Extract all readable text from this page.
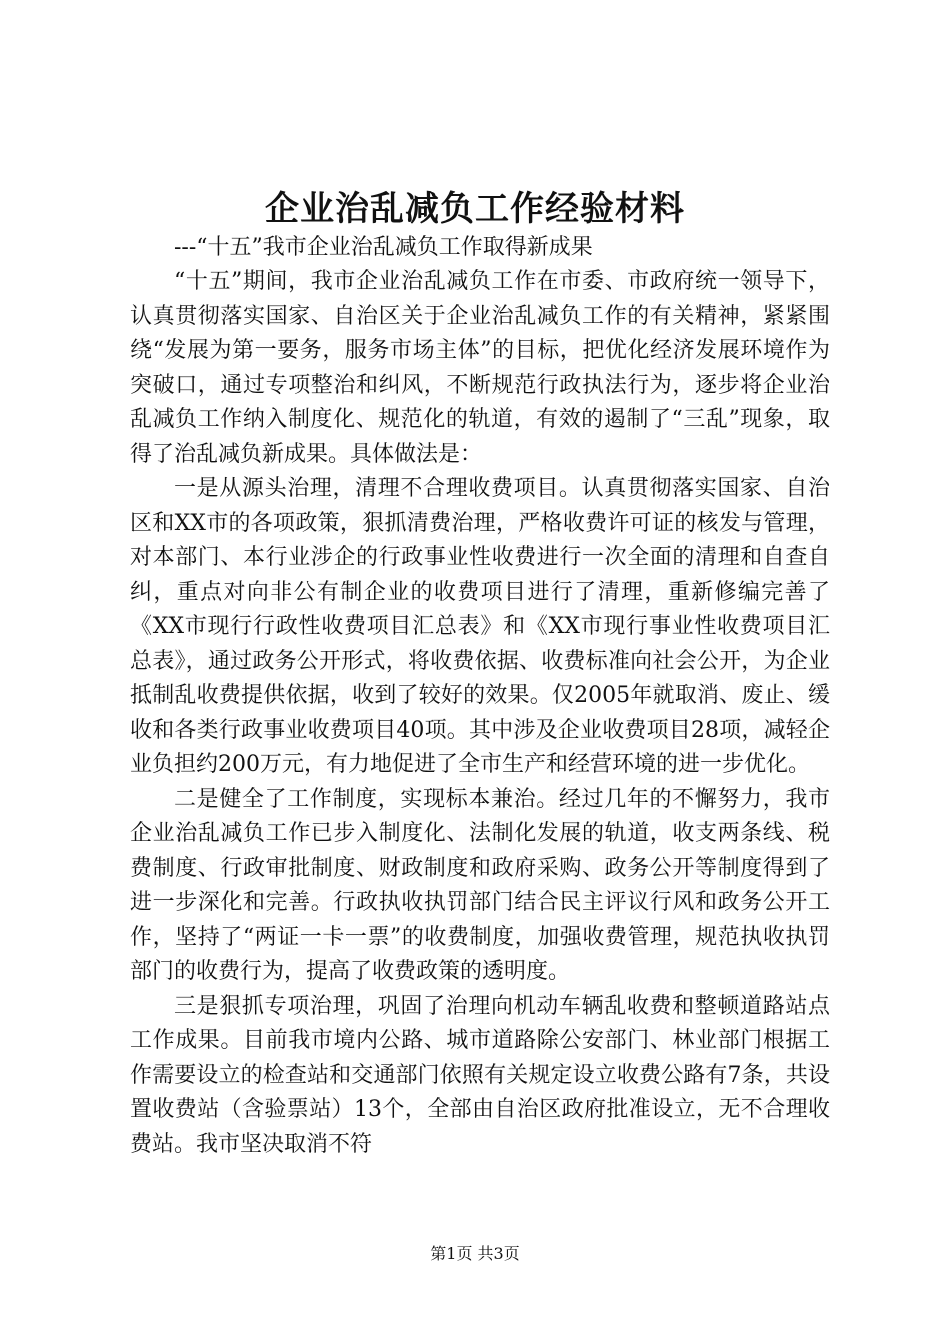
企业治乱减负工作经验材料

---“十五”我市企业治乱减负工作取得新成果

“十五”期间，我市企业治乱减负工作在市委、市政府统一领导下，认真贯彻落实国家、自治区关于企业治乱减负工作的有关精神，紧紧围绕“发展为第一要务，服务市场主体”的目标，把优化经济发展环境作为突破口，通过专项整治和纠风，不断规范行政执法行为，逐步将企业治乱减负工作纳入制度化、规范化的轨道，有效的遏制了“三乱”现象，取得了治乱减负新成果。具体做法是：

一是从源头治理，清理不合理收费项目。认真贯彻落实国家、自治区和XX市的各项政策，狠抓清费治理，严格收费许可证的核发与管理，对本部门、本行业涉企的行政事业性收费进行一次全面的清理和自查自纠，重点对向非公有制企业的收费项目进行了清理，重新修编完善了《XX市现行行政性收费项目汇总表》和《XX市现行事业性收费项目汇总表》，通过政务公开形式，将收费依据、收费标准向社会公开，为企业抵制乱收费提供依据，收到了较好的效果。仅2005年就取消、废止、缓收和各类行政事业收费项目40项。其中涉及企业收费项目28项，减轻企业负担约200万元，有力地促进了全市生产和经营环境的进一步优化。

二是健全了工作制度，实现标本兼治。经过几年的不懈努力，我市企业治乱减负工作已步入制度化、法制化发展的轨道，收支两条线、税费制度、行政审批制度、财政制度和政府采购、政务公开等制度得到了进一步深化和完善。行政执收执罚部门结合民主评议行风和政务公开工作，坚持了“两证一卡一票”的收费制度，加强收费管理，规范执收执罚部门的收费行为，提高了收费政策的透明度。

三是狠抓专项治理，巩固了治理向机动车辆乱收费和整顿道路站点工作成果。目前我市境内公路、城市道路除公安部门、林业部门根据工作需要设立的检查站和交通部门依照有关规定设立收费公路有7条，共设置收费站（含验票站）13个，全部由自治区政府批准设立，无不合理收费站。我市坚决取消不符

第1页 共3页
